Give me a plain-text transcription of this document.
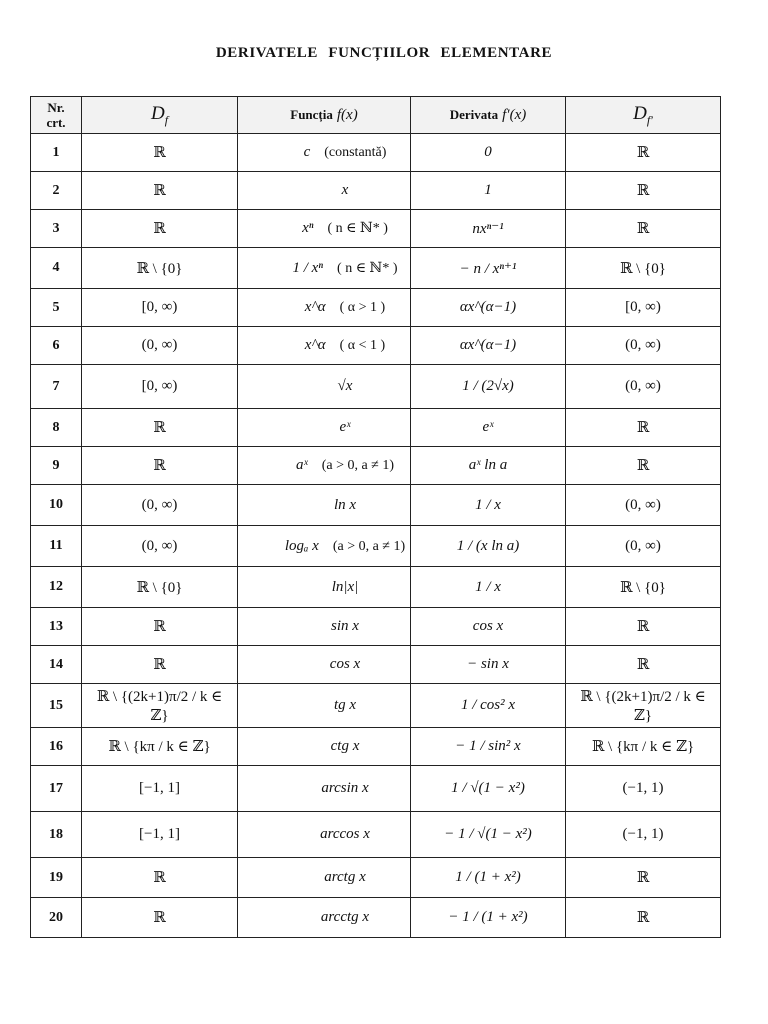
DERIVATELE FUNCȚIILOR ELEMENTARE
Nr.
crt.	$D_f$	Funcția f(x)	Derivata f′(x)	$D_{f'}$
1	ℝ	c (constantă)	0	ℝ
2	ℝ	x	1	ℝ
3	ℝ	xⁿ ( n ∈ ℕ* )	nxⁿ⁻¹	ℝ
4	ℝ \ {0}	1 / xⁿ ( n ∈ ℕ* )	− n / xⁿ⁺¹	ℝ \ {0}
5	[0, ∞)	x^α ( α > 1 )	αx^(α−1)	[0, ∞)
6	(0, ∞)	x^α ( α < 1 )	αx^(α−1)	(0, ∞)
7	[0, ∞)	√x	1 / (2√x)	(0, ∞)
8	ℝ	eˣ	eˣ	ℝ
9	ℝ	aˣ (a > 0, a ≠ 1)	aˣ ln a	ℝ
10	(0, ∞)	ln x	1 / x	(0, ∞)
11	(0, ∞)	logₐ x (a > 0, a ≠ 1)	1 / (x ln a)	(0, ∞)
12	ℝ \ {0}	ln|x|	1 / x	ℝ \ {0}
13	ℝ	sin x	cos x	ℝ
14	ℝ	cos x	− sin x	ℝ
15	ℝ \ {(2k+1)π/2 / k ∈ ℤ}	tg x	1 / cos² x	ℝ \ {(2k+1)π/2 / k ∈ ℤ}
16	ℝ \ {kπ / k ∈ ℤ}	ctg x	− 1 / sin² x	ℝ \ {kπ / k ∈ ℤ}
17	[−1, 1]	arcsin x	1 / √(1 − x²)	(−1, 1)
18	[−1, 1]	arccos x	− 1 / √(1 − x²)	(−1, 1)
19	ℝ	arctg x	1 / (1 + x²)	ℝ
20	ℝ	arcctg x	− 1 / (1 + x²)	ℝ
